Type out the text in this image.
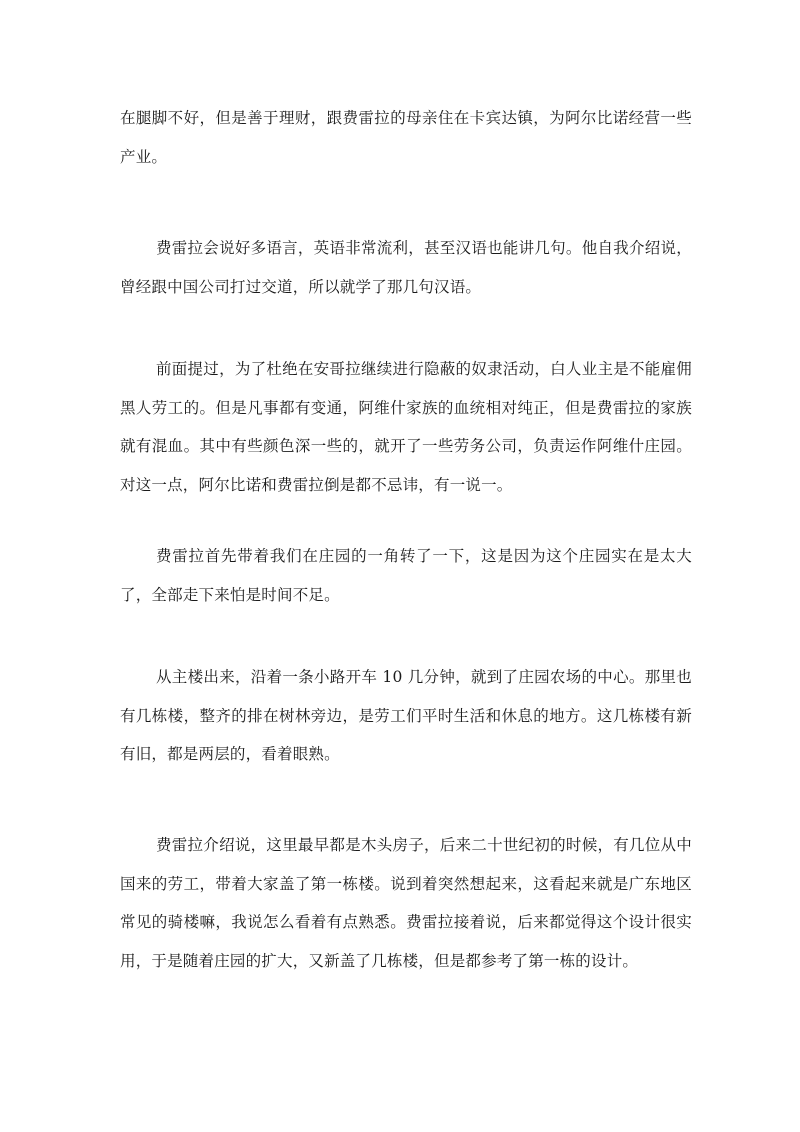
在腿脚不好，但是善于理财，跟费雷拉的母亲住在卡宾达镇，为阿尔比诺经营一些产业。

费雷拉会说好多语言，英语非常流利，甚至汉语也能讲几句。他自我介绍说，曾经跟中国公司打过交道，所以就学了那几句汉语。

前面提过，为了杜绝在安哥拉继续进行隐蔽的奴隶活动，白人业主是不能雇佣黑人劳工的。但是凡事都有变通，阿维什家族的血统相对纯正，但是费雷拉的家族就有混血。其中有些颜色深一些的，就开了一些劳务公司，负责运作阿维什庄园。对这一点，阿尔比诺和费雷拉倒是都不忌讳，有一说一。

费雷拉首先带着我们在庄园的一角转了一下，这是因为这个庄园实在是太大了，全部走下来怕是时间不足。

从主楼出来，沿着一条小路开车 10 几分钟，就到了庄园农场的中心。那里也有几栋楼，整齐的排在树林旁边，是劳工们平时生活和休息的地方。这几栋楼有新有旧，都是两层的，看着眼熟。

费雷拉介绍说，这里最早都是木头房子，后来二十世纪初的时候，有几位从中国来的劳工，带着大家盖了第一栋楼。说到着突然想起来，这看起来就是广东地区常见的骑楼嘛，我说怎么看着有点熟悉。费雷拉接着说，后来都觉得这个设计很实用，于是随着庄园的扩大，又新盖了几栋楼，但是都参考了第一栋的设计。
